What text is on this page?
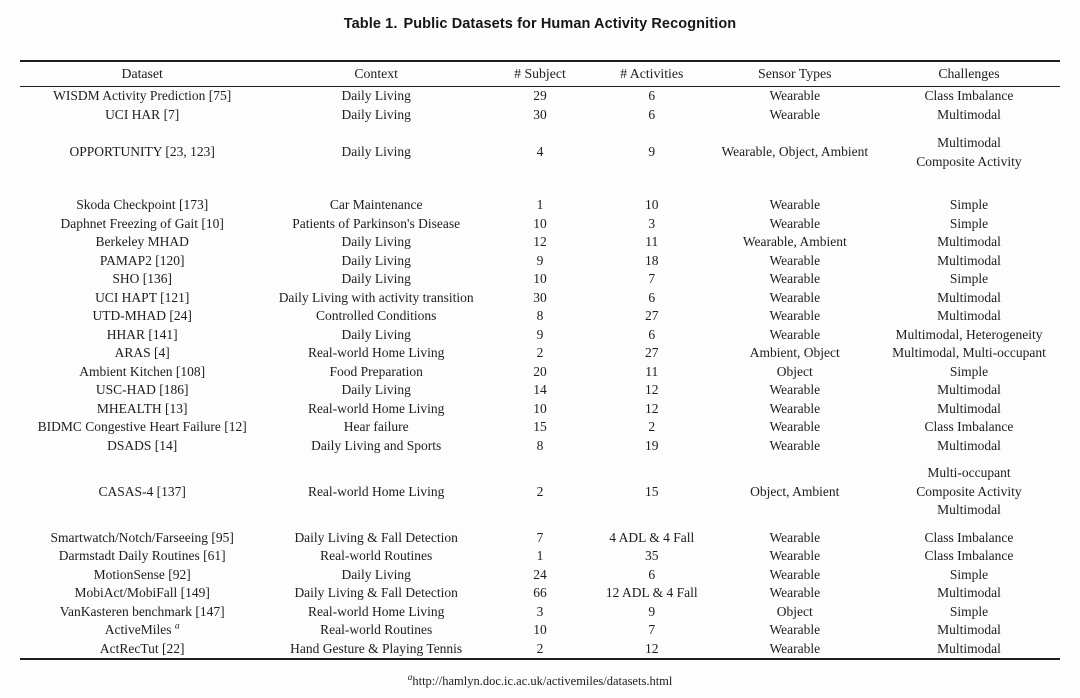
Table 1. Public Datasets for Human Activity Recognition
Dataset	Context	# Subject	# Activities	Sensor Types	Challenges
WISDM Activity Prediction [75]	Daily Living	29	6	Wearable	Class Imbalance

UCI HAR [7]	Daily Living	30	6	Wearable	Multimodal

OPPORTUNITY [23, 123]	Daily Living	4	9	Wearable, Object, Ambient	Multimodal
Composite Activity

Skoda Checkpoint [173]	Car Maintenance	1	10	Wearable	Simple

Daphnet Freezing of Gait [10]	Patients of Parkinson's Disease	10	3	Wearable	Simple

Berkeley MHAD	Daily Living	12	11	Wearable, Ambient	Multimodal

PAMAP2 [120]	Daily Living	9	18	Wearable	Multimodal

SHO [136]	Daily Living	10	7	Wearable	Simple

UCI HAPT [121]	Daily Living with activity transition	30	6	Wearable	Multimodal

UTD-MHAD [24]	Controlled Conditions	8	27	Wearable	Multimodal

HHAR [141]	Daily Living	9	6	Wearable	Multimodal, Heterogeneity

ARAS [4]	Real-world Home Living	2	27	Ambient, Object	Multimodal, Multi-occupant

Ambient Kitchen [108]	Food Preparation	20	11	Object	Simple

USC-HAD [186]	Daily Living	14	12	Wearable	Multimodal

MHEALTH [13]	Real-world Home Living	10	12	Wearable	Multimodal

BIDMC Congestive Heart Failure [12]	Hear failure	15	2	Wearable	Class Imbalance

DSADS [14]	Daily Living and Sports	8	19	Wearable	Multimodal

CASAS-4 [137]	Real-world Home Living	2	15	Object, Ambient	Multi-occupant
Composite Activity
Multimodal

Smartwatch/Notch/Farseeing [95]	Daily Living & Fall Detection	7	4 ADL & 4 Fall	Wearable	Class Imbalance

Darmstadt Daily Routines [61]	Real-world Routines	1	35	Wearable	Class Imbalance

MotionSense [92]	Daily Living	24	6	Wearable	Simple

MobiAct/MobiFall [149]	Daily Living & Fall Detection	66	12 ADL & 4 Fall	Wearable	Multimodal

VanKasteren benchmark [147]	Real-world Home Living	3	9	Object	Simple

ActiveMiles $^a$	Real-world Routines	10	7	Wearable	Multimodal

ActRecTut [22]	Hand Gesture & Playing Tennis	2	12	Wearable	Multimodal
$^a$http://hamlyn.doc.ic.ac.uk/activemiles/datasets.html
